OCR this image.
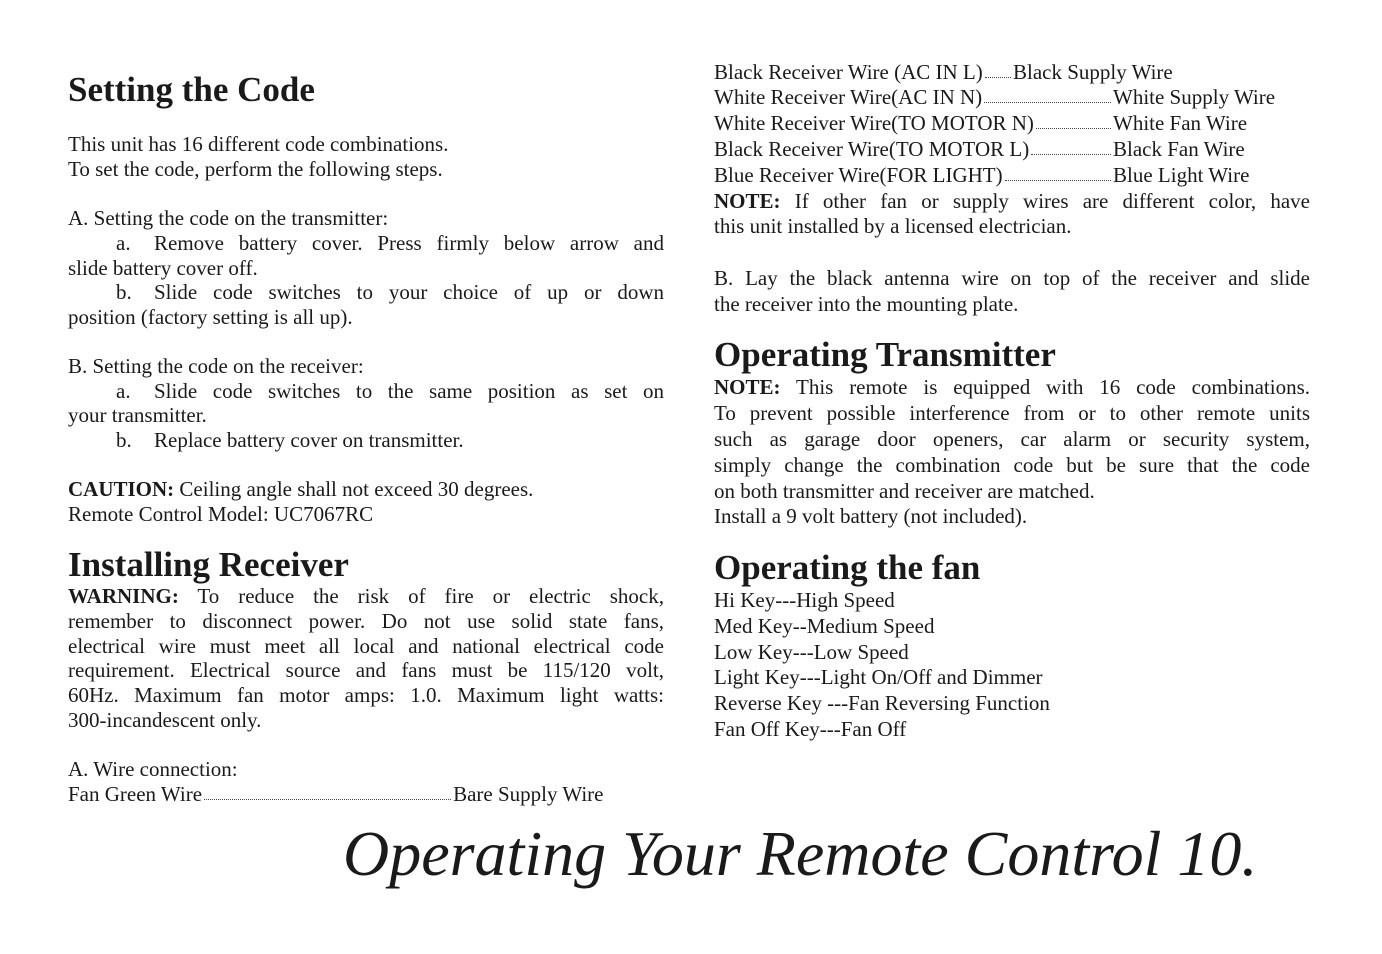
Setting the Code
This unit has 16 different code combinations.
To set the code, perform the following steps.
A. Setting the code on the transmitter:
a. Remove battery cover. Press firmly below arrow and
slide battery cover off.
b. Slide code switches to your choice of up or down
position (factory setting is all up).
B. Setting the code on the receiver:
a. Slide code switches to the same position as set on
your transmitter.
b. Replace battery cover on transmitter.
CAUTION: Ceiling angle shall not exceed 30 degrees.
Remote Control Model: UC7067RC
Installing Receiver
WARNING: To reduce the risk of fire or electric shock,
remember to disconnect power. Do not use solid state fans,
electrical wire must meet all local and national electrical code
requirement. Electrical source and fans must be 115/120 volt,
60Hz. Maximum fan motor amps: 1.0. Maximum light watts:
300-incandescent only.
A. Wire connection:
Fan Green Wire	Bare Supply Wire
Black Receiver Wire (AC IN L) Black Supply Wire
White Receiver Wire(AC IN N)	White Supply Wire
White Receiver Wire(TO MOTOR N)	White Fan Wire
Black Receiver Wire(TO MOTOR L)	Black Fan Wire
Blue Receiver Wire(FOR LIGHT)	Blue Light Wire
NOTE: If other fan or supply wires are different color, have
this unit installed by a licensed electrician.
B. Lay the black antenna wire on top of the receiver and slide
the receiver into the mounting plate.
Operating Transmitter
NOTE: This remote is equipped with 16 code combinations.
To prevent possible interference from or to other remote units
such as garage door openers, car alarm or security system,
simply change the combination code but be sure that the code
on both transmitter and receiver are matched.
Install a 9 volt battery (not included).
Operating the fan
Hi Key---High Speed
Med Key--Medium Speed
Low Key---Low Speed
Light Key---Light On/Off and Dimmer
Reverse Key ---Fan Reversing Function
Fan Off Key---Fan Off
Operating Your Remote Control 10.
